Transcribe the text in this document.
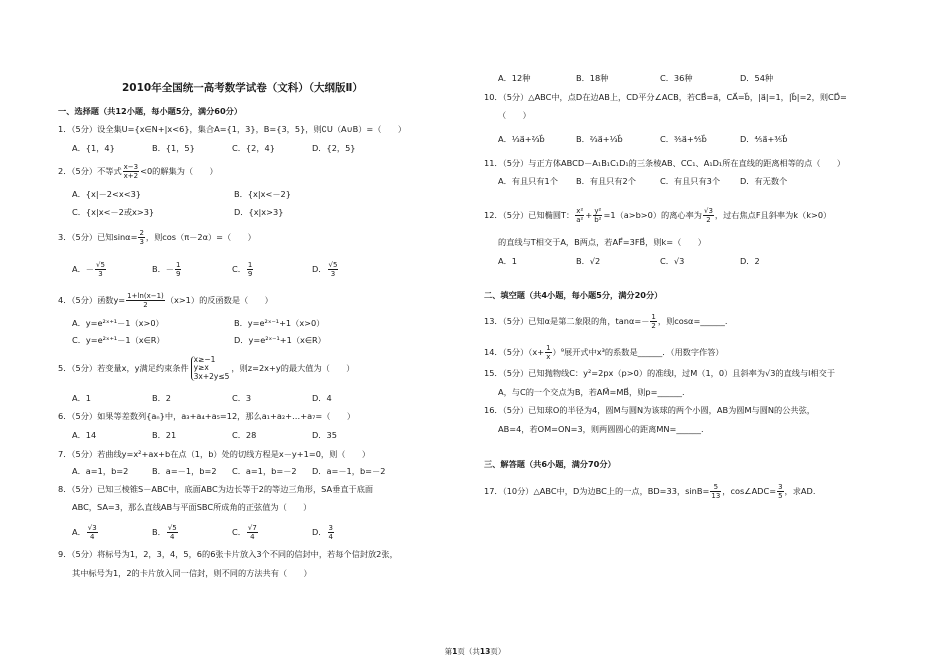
2010年全国统一高考数学试卷（文科）（大纲版Ⅱ）
一、选择题（共12小题，每小题5分，满分60分）
1．（5分）设全集U={x∈N+|x<6}，集合A={1，3}，B={3，5}，则∁U（A∪B）=（　　）
A．{1，4}	B．{1，5}	C．{2，4}	D．{2，5}
2．（5分）不等式 $\frac{x-3}{x+2} <0$的解集为（　　）
A．{x|－2<x<3}	B．{x|x<－2}
C．{x|x<－2或x>3}	D．{x|x>3}
3．（5分）已知$\sin\alpha= \frac{2}{3}$ ，则cos（π－2α）=（　　）
A．－ $\frac{√5}{3}$	B．－ $\frac{1}{9}$	C． $\frac{1}{9}$	D． $\frac{√5}{3}$
4．（5分）函数$y= \frac{1+\ln(x-1)}{2} (x>1)$的反函数是（　　）
A．y=e²ˣ⁺¹－1（x>0）	B．y=e²ˣ⁻¹+1（x>0）
C．y=e²ˣ⁺¹－1（x∈R）	D．y=e²ˣ⁻¹+1（x∈R）
5．（5分）若变量x，y满足约束条件x≥−1
y≥x
3x+2y≤5，则z=2x+y的最大值为（　　）
A．1	B．2	C．3	D．4
6．（5分）如果等差数列{aₙ}中，a₃+a₄+a₅=12，那么a₁+a₂+…+a₇=（　　）
A．14	B．21	C．28	D．35
7．（5分）若曲线y=x²+ax+b在点（1，b）处的切线方程是x－y+1=0，则（　　）
A．a=1，b=2	B．a=－1，b=2 C．a=1，b=－2 D．a=－1，b=－2
8．（5分）已知三棱锥S－ABC中，底面ABC为边长等于2的等边三角形，SA垂直于底面
ABC，SA=3，那么直线AB与平面SBC所成角的正弦值为（　　）
A． $\frac{√3}{4}$	B． $\frac{√5}{4}$	C． $\frac{√7}{4}$	D． $\frac{3}{4}$
9．（5分）将标号为1，2，3，4，5，6的6张卡片放入3个不同的信封中，若每个信封放2张，
其中标号为1，2的卡片放入同一信封，则不同的方法共有（　　）
A．12种	B．18种	C．36种	D．54种
10．（5分）△ABC中，点D在边AB上，CD平分∠ACB，若CB⃗=a⃗，CA⃗=b⃗，|a⃗|=1，|b⃗|=2，则CD⃗=
（　　）
A．⅓a⃗+⅔b⃗	B．⅔a⃗+⅓b⃗	C．⅗a⃗+⅘b⃗	D．⅘a⃗+⅗b⃗
11．（5分）与正方体ABCD－A₁B₁C₁D₁的三条棱AB、CC₁、A₁D₁所在直线的距离相等的点（　　）
A．有且只有1个 B．有且只有2个	C．有且只有3个 D．有无数个
12．（5分）已知椭圆T： $\frac{\text{x²}}{\text{a²}} + \frac{\text{y²}}{\text{b²}} =1(a>b>0)$的离心率为 $\frac{√3}{2}$ ，过右焦点F且斜率为k（k>0）
的直线与T相交于A，B两点，若AF⃗=3FB⃗，则k=（　　）
A．1	B．√2	C．√3	D．2
二、填空题（共4小题，每小题5分，满分20分）
13．（5分）已知α是第二象限的角，$\tan\alpha=- \frac{1}{2}$ ，则cosα=______.
14．（5分）$(x+ \frac{1}{x} )^9$展开式中x³的系数是______．（用数字作答）
15．（5分）已知抛物线C：y²=2px（p>0）的准线l，过M（1，0）且斜率为√3的直线与l相交于
A，与C的一个交点为B，若AM⃗=MB⃗，则p=______.
16．（5分）已知球O的半径为4，圆M与圆N为该球的两个小圆，AB为圆M与圆N的公共弦，
AB=4，若OM=ON=3，则两圆圆心的距离MN=______.
三、解答题（共6小题，满分70分）
17．（10分）△ABC中，D为边BC上的一点，BD=33，$\sin B= \frac{5}{13}$ ，cos∠ADC= $\frac{3}{5}$ ，求AD.
第1页（共13页）
